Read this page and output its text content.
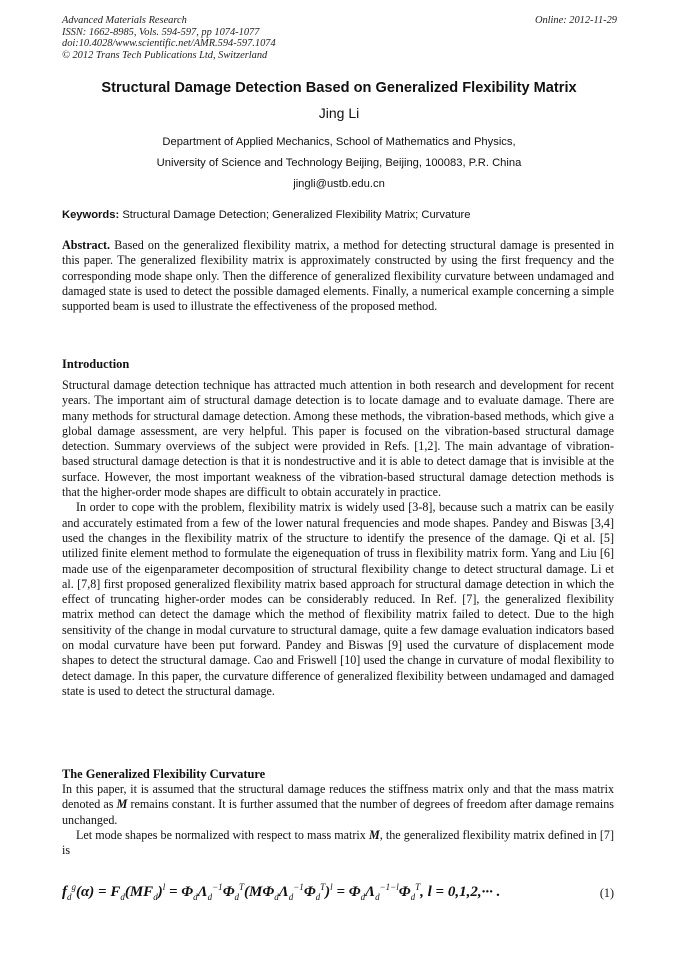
Advanced Materials Research
ISSN: 1662-8985, Vols. 594-597, pp 1074-1077
doi:10.4028/www.scientific.net/AMR.594-597.1074
© 2012 Trans Tech Publications Ltd, Switzerland
Online: 2012-11-29
Structural Damage Detection Based on Generalized Flexibility Matrix
Jing Li
Department of Applied Mechanics, School of Mathematics and Physics,
University of Science and Technology Beijing, Beijing, 100083, P.R. China
jingli@ustb.edu.cn
Keywords: Structural Damage Detection; Generalized Flexibility Matrix; Curvature

Abstract. Based on the generalized flexibility matrix, a method for detecting structural damage is presented in this paper. The generalized flexibility matrix is approximately constructed by using the first frequency and the corresponding mode shape only. Then the difference of generalized flexibility curvature between undamaged and damaged state is used to detect the possible damaged elements. Finally, a numerical example concerning a simple supported beam is used to illustrate the effectiveness of the proposed method.

Introduction

Structural damage detection technique has attracted much attention in both research and development for recent years. The important aim of structural damage detection is to locate damage and to evaluate damage. There are many methods for structural damage detection. Among these methods, the vibration-based methods, which give a global damage assessment, are very helpful. This paper is focused on the vibration-based structural damage detection. Summary overviews of the subject were provided in Refs. [1,2]. The main advantage of vibration-based structural damage detection is that it is nondestructive and it is able to detect damage that is invisible at the surface. However, the most important weakness of the vibration-based structural damage detection methods is that the higher-order mode shapes are difficult to obtain accurately in practice.

In order to cope with the problem, flexibility matrix is widely used [3-8], because such a matrix can be easily and accurately estimated from a few of the lower natural frequencies and mode shapes. Pandey and Biswas [3,4] used the changes in the flexibility matrix of the structure to identify the presence of the damage. Qi et al. [5] utilized finite element method to formulate the eigenequation of truss in flexibility matrix form. Yang and Liu [6] made use of the eigenparameter decomposition of structural flexibility change to detect structural damage. Li et al. [7,8] first proposed generalized flexibility matrix based approach for structural damage detection in which the effect of truncating higher-order modes can be considerably reduced. In Ref. [7], the generalized flexibility matrix method can detect the damage which the method of flexibility matrix failed to detect. Due to the high sensitivity of the change in modal curvature to structural damage, quite a few damage evaluation indicators based on modal curvature have been put forward. Pandey and Biswas [9] used the curvature of displacement mode shapes to detect the structural damage. Cao and Friswell [10] used the change in curvature of modal flexibility to detect damage. In this paper, the curvature difference of generalized flexibility between undamaged and damaged state is used to detect the structural damage.

The Generalized Flexibility Curvature

In this paper, it is assumed that the structural damage reduces the stiffness matrix only and that the mass matrix denoted as M remains constant. It is further assumed that the number of degrees of freedom after damage remains unchanged.

Let mode shapes be normalized with respect to mass matrix M, the generalized flexibility matrix defined in [7] is

$f_d^g(\alpha) = F_d(MF_d)^l = \Phi_d\Lambda_d^{-1}\Phi_d^T(M\Phi_d\Lambda_d^{-1}\Phi_d^T)^l = \Phi_d\Lambda_d^{-1-l}\Phi_d^T$, l = 0,1,2,··· .	(1)
